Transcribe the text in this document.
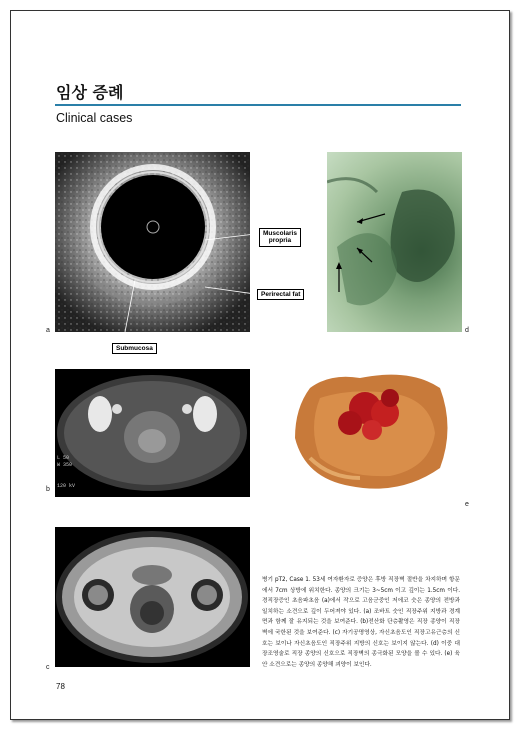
임상 증례
Clinical cases
Muscolaris
propria
Perirectal fat
Submucosa
a	d
L 50
W 350
120 kV
b
e
c
병기 pT2, Case 1. 53세 여자환자로 증양은 후방 직장벽 절반을 차지하며 항문에서 7cm 상방에 위치한다. 종양의 크기는 3~5cm 이고 깊이는 1.5cm 이다. 경직장증인 초음파초음 (a)에서 작으로 고음군중인 저에코 숫은 종양의 전방과 일치하는 소견으로 깊이 두어져야 있다. (a) 조바트 숫인 직장주위 지방과 경계면과 함께 잘 유지되는 것을 보여준다. (b)전산화 단층촬영은 직장 종양이 직장벽에 국한된 것을 보여준다. (c) 자기공명영상, 자신초음도인 직장고유근층의 신호는 보이나 자신초음도인 직장주위 지방의 신호는 보이지 않는다. (d) 이중 대장조영술로 직장 종양의 신호으로 직장벽의 종극화된 모양을 볼 수 있다. (e) 육안 소견으로는 종양의 종양해 괴양이 보인다.
78
